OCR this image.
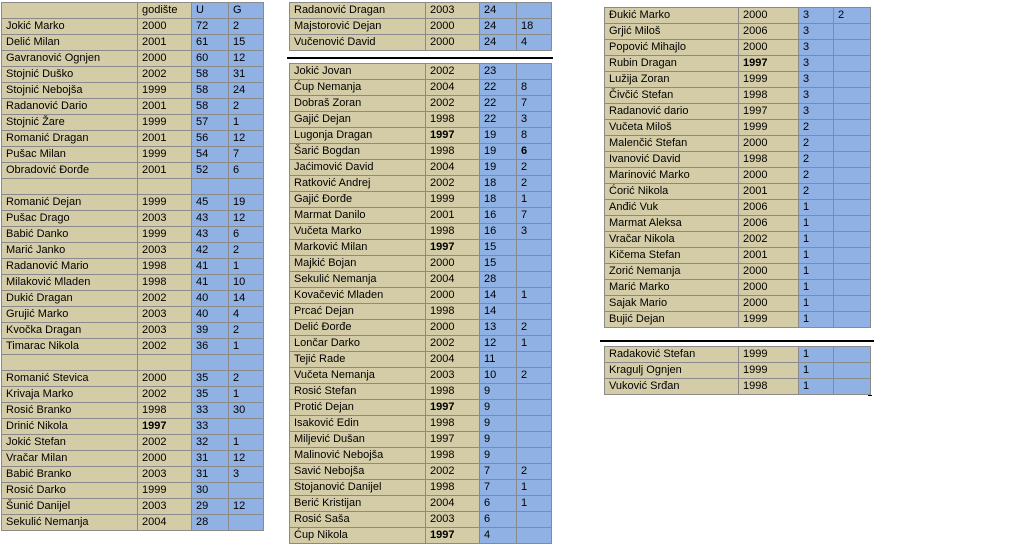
	godište	U	G
Jokić Marko	2000	72	2
Delić Milan	2001	61	15
Gavranović Ognjen	2000	60	12
Stojnić Duško	2002	58	31
Stojnić Nebojša	1999	58	24
Radanović Dario	2001	58	2
Stojnić Žare	1999	57	1
Romanić Dragan	2001	56	12
Pušac Milan	1999	54	7
Obradović Đorđe	2001	52	6

Romanić Dejan	1999	45	19
Pušac Drago	2003	43	12
Babić Danko	1999	43	6
Marić Janko	2003	42	2
Radanović Mario	1998	41	1
Milaković Mladen	1998	41	10
Dukić Dragan	2002	40	14
Grujić Marko	2003	40	4
Kvočka Dragan	2003	39	2
Timarac Nikola	2002	36	1

Romanić Stevica	2000	35	2
Krivaja Marko	2002	35	1
Rosić Branko	1998	33	30
Drinić Nikola	1997	33	
Jokić Stefan	2002	32	1
Vračar Milan	2000	31	12
Babić Branko	2003	31	3
Rosić Darko	1999	30	
Šunić Danijel	2003	29	12
Sekulić Nemanja	2004	28	
Radanović Dragan	2003	24	
Majstorović Dejan	2000	24	18
Vučenović David	2000	24	4
Jokić Jovan	2002	23	
Ćup Nemanja	2004	22	8
Dobraš Zoran	2002	22	7
Gajić Dejan	1998	22	3
Lugonja Dragan	1997	19	8
Šarić Bogdan	1998	19	6
Jaćimović David	2004	19	2
Ratković Andrej	2002	18	2
Gajić Đorđe	1999	18	1
Marmat Danilo	2001	16	7
Vučeta Marko	1998	16	3
Marković Milan	1997	15	
Majkić Bojan	2000	15	
Sekulić Nemanja	2004	28	
Kovačević Mladen	2000	14	1
Prcać Dejan	1998	14	
Delić Đorđe	2000	13	2
Lončar Darko	2002	12	1
Tejić Rade	2004	11	
Vučeta Nemanja	2003	10	2
Rosić Stefan	1998	9	
Protić Dejan	1997	9	
Isaković Edin	1998	9	
Miljević Dušan	1997	9	
Malinović Nebojša	1998	9	
Savić Nebojša	2002	7	2
Stojanović Danijel	1998	7	1
Berić Kristijan	2004	6	1
Rosić Saša	2003	6	
Ćup Nikola	1997	4	
Đukić Marko	2000	3	2
Grjić Miloš	2006	3	
Popović Mihajlo	2000	3	
Rubin Dragan	1997	3	
Lužija Zoran	1999	3	
Čivčić Stefan	1998	3	
Radanović dario	1997	3	
Vučeta Miloš	1999	2	
Malenčić Stefan	2000	2	
Ivanović David	1998	2	
Marinović Marko	2000	2	
Ćorić Nikola	2001	2	
Anđić Vuk	2006	1	
Marmat Aleksa	2006	1	
Vračar Nikola	2002	1	
Kičema Stefan	2001	1	
Zorić Nemanja	2000	1	
Marić Marko	2000	1	
Sajak Mario	2000	1	
Bujić Dejan	1999	1	
Radaković Stefan	1999	1	
Kragulj Ognjen	1999	1	
Vuković Srđan	1998	1	
